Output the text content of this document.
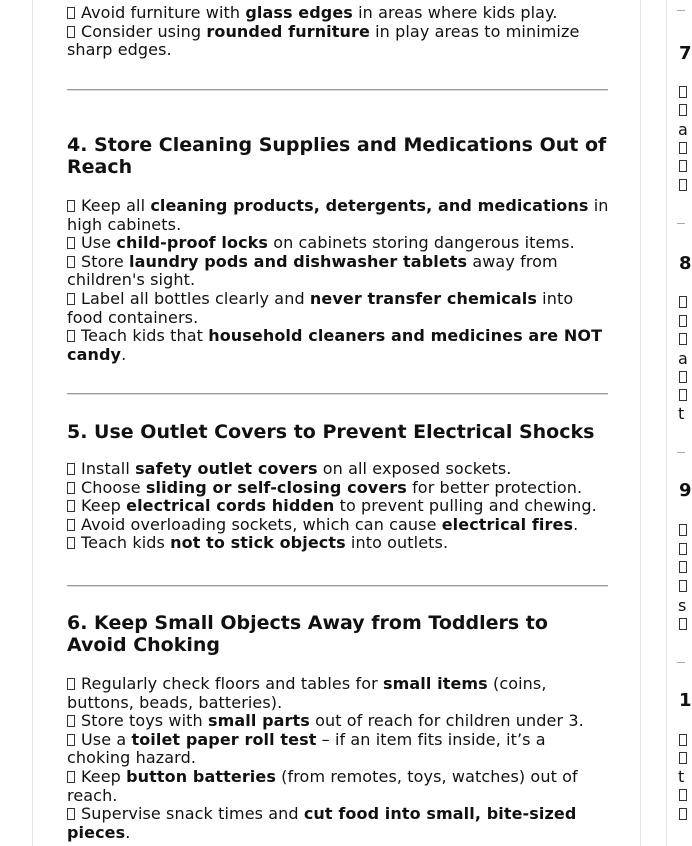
Avoid furniture with glass edges in areas where kids play.

Consider using rounded furniture in play areas to minimize sharp edges.

4. Store Cleaning Supplies and Medications Out of Reach

Keep all cleaning products, detergents, and medications in high cabinets.

Use child-proof locks on cabinets storing dangerous items.

Store laundry pods and dishwasher tablets away from children's sight.

Label all bottles clearly and never transfer chemicals into food containers.

Teach kids that household cleaners and medicines are NOT candy.

5. Use Outlet Covers to Prevent Electrical Shocks

Install safety outlet covers on all exposed sockets.

Choose sliding or self-closing covers for better protection.

Keep electrical cords hidden to prevent pulling and chewing.

Avoid overloading sockets, which can cause electrical fires.

Teach kids not to stick objects into outlets.

6. Keep Small Objects Away from Toddlers to Avoid Choking

Regularly check floors and tables for small items (coins, buttons, beads, batteries).

Store toys with small parts out of reach for children under 3.

Use a toilet paper roll test – if an item fits inside, it’s a choking hazard.

Keep button batteries (from remotes, toys, watches) out of reach.

Supervise snack times and cut food into small, bite-sized pieces.

7
a
8
a
t
9
s
1
t
